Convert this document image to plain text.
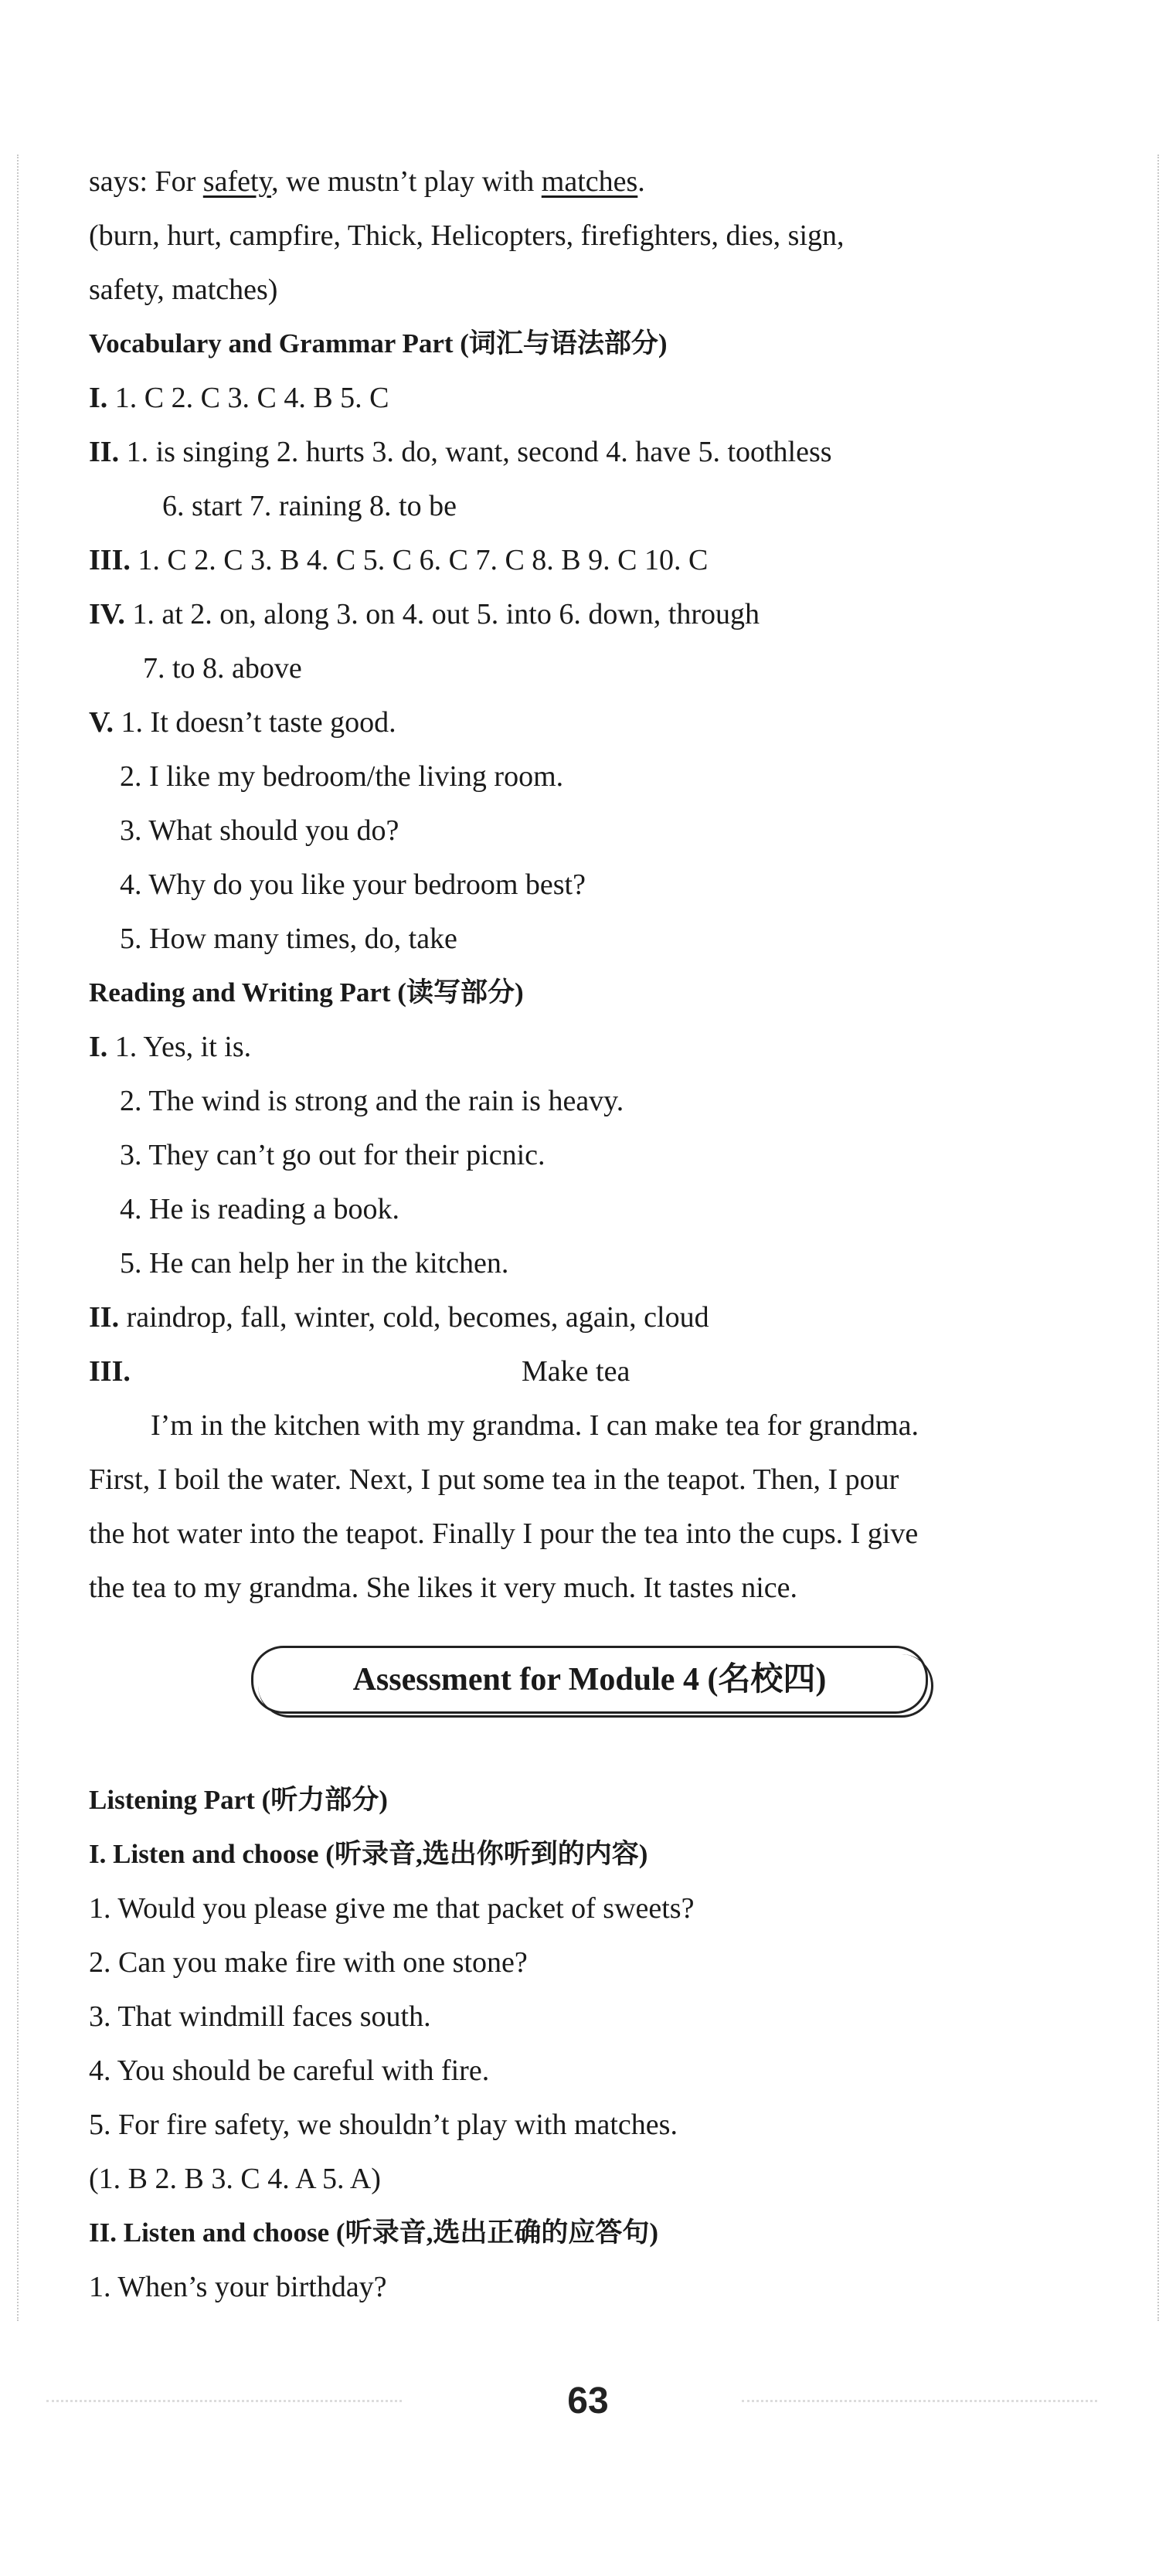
says: For safety, we mustn’t play with matches.
(burn, hurt, campfire, Thick, Helicopters, firefighters, dies, sign,
safety, matches)
Vocabulary and Grammar Part (词汇与语法部分)
I. 1. C 2. C 3. C 4. B 5. C
II. 1. is singing 2. hurts 3. do, want, second 4. have 5. toothless
6. start 7. raining 8. to be
III. 1. C 2. C 3. B 4. C 5. C 6. C 7. C 8. B 9. C 10. C
IV. 1. at 2. on, along 3. on 4. out 5. into 6. down, through
7. to 8. above
V. 1. It doesn’t taste good.
2. I like my bedroom/the living room.
3. What should you do?
4. Why do you like your bedroom best?
5. How many times, do, take
Reading and Writing Part (读写部分)
I. 1. Yes, it is.
2. The wind is strong and the rain is heavy.
3. They can’t go out for their picnic.
4. He is reading a book.
5. He can help her in the kitchen.
II. raindrop, fall, winter, cold, becomes, again, cloud
III.	Make tea
I’m in the kitchen with my grandma. I can make tea for grandma.
First, I boil the water. Next, I put some tea in the teapot. Then, I pour
the hot water into the teapot. Finally I pour the tea into the cups. I give
the tea to my grandma. She likes it very much. It tastes nice.
Assessment for Module 4 (名校四)
Listening Part (听力部分)
I. Listen and choose (听录音,选出你听到的内容)
1. Would you please give me that packet of sweets?
2. Can you make fire with one stone?
3. That windmill faces south.
4. You should be careful with fire.
5. For fire safety, we shouldn’t play with matches.
(1. B 2. B 3. C 4. A 5. A)
II. Listen and choose (听录音,选出正确的应答句)
1. When’s your birthday?
63
